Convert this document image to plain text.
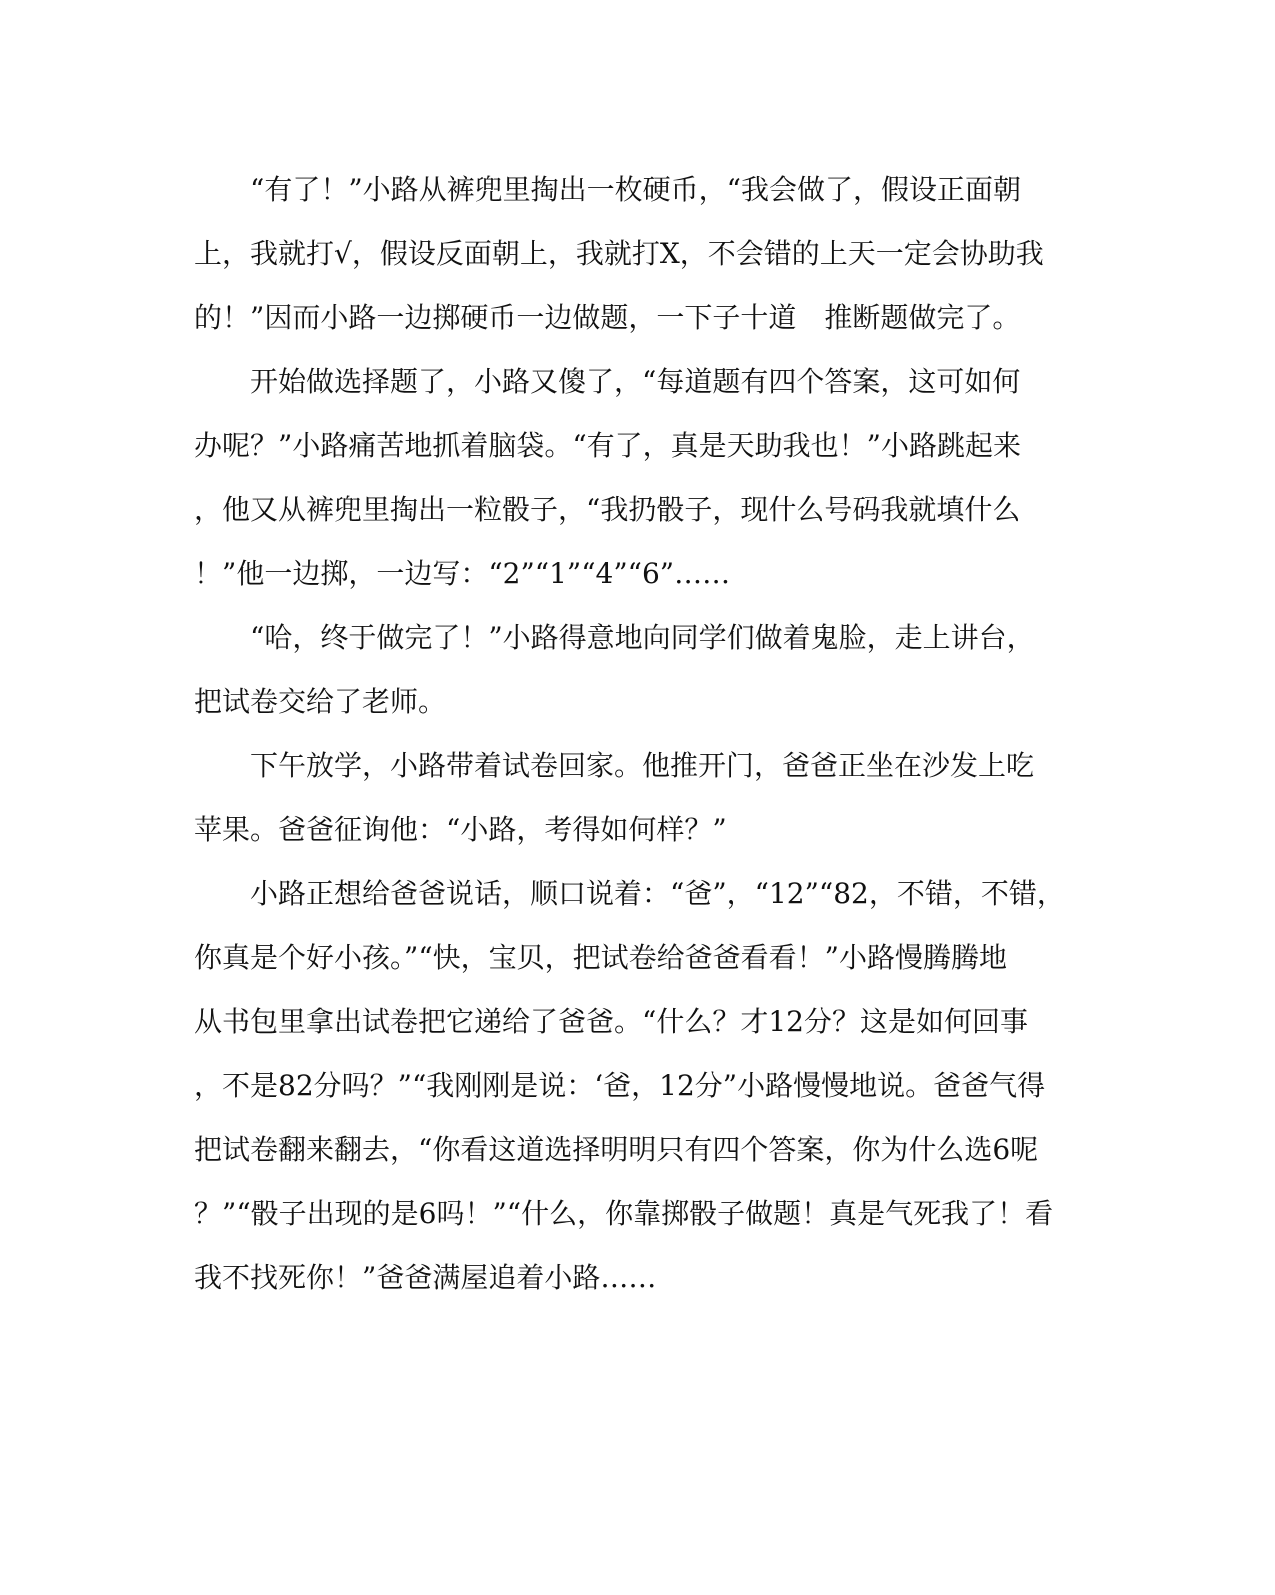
“有了！”小路从裤兜里掏出一枚硬币，“我会做了，假设正面朝
上，我就打√，假设反面朝上，我就打X，不会错的上天一定会协助我
的！”因而小路一边掷硬币一边做题，一下子十道　推断题做完了。
开始做选择题了，小路又傻了，“每道题有四个答案，这可如何
办呢？”小路痛苦地抓着脑袋。“有了，真是天助我也！”小路跳起来
，他又从裤兜里掏出一粒骰子，“我扔骰子，现什么号码我就填什么
！”他一边掷，一边写：“2”“1”“4”“6”……
“哈，终于做完了！”小路得意地向同学们做着鬼脸，走上讲台，
把试卷交给了老师。
下午放学，小路带着试卷回家。他推开门，爸爸正坐在沙发上吃
苹果。爸爸征询他：“小路，考得如何样？”
小路正想给爸爸说话，顺口说着：“爸”，“12”“82，不错，不错，
你真是个好小孩。”“快，宝贝，把试卷给爸爸看看！”小路慢腾腾地
从书包里拿出试卷把它递给了爸爸。“什么？才12分？这是如何回事
，不是82分吗？”“我刚刚是说：‘爸，12分”小路慢慢地说。爸爸气得
把试卷翻来翻去，“你看这道选择明明只有四个答案，你为什么选6呢
？”“骰子出现的是6吗！”“什么，你靠掷骰子做题！真是气死我了！看
我不找死你！”爸爸满屋追着小路……
